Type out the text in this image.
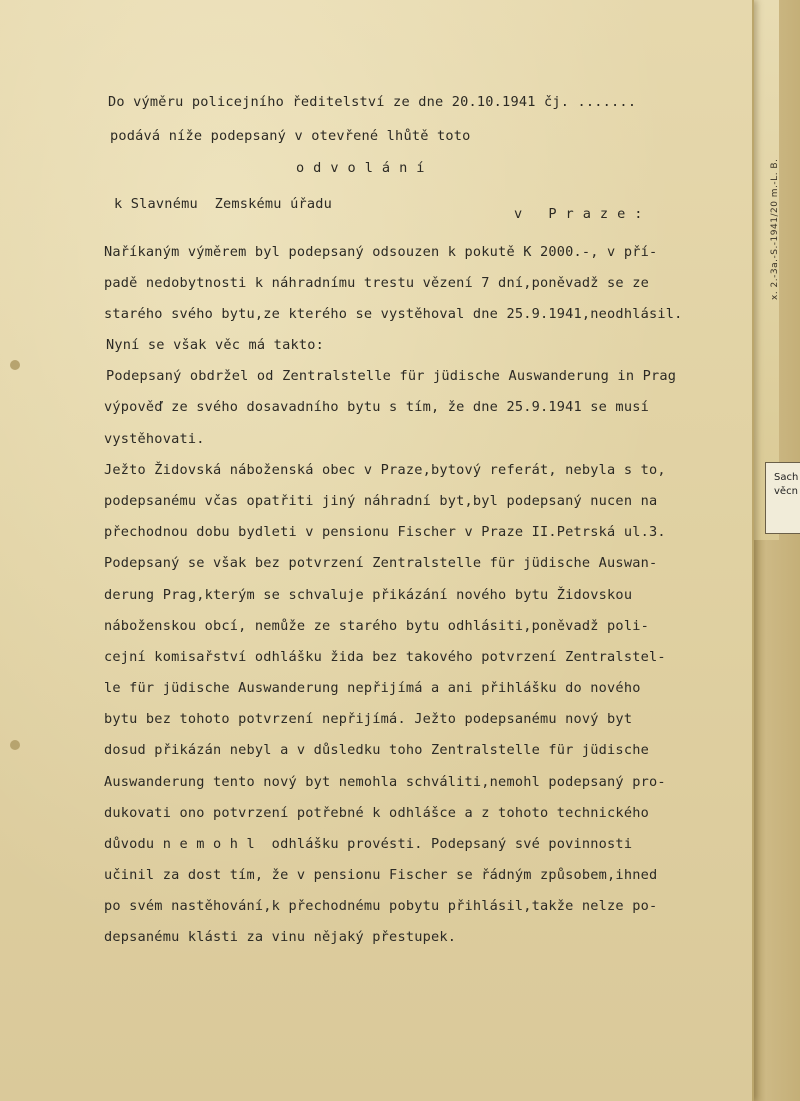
x. 2.-3a.-S.-1941/20 m.-L. B.
Sach
věcn

Do výměru policejního ředitelství ze dne 20.10.1941 čj. .......

podává níže podepsaný v otevřené lhůtě toto

odvolání

k Slavnému  Zemskému úřadu

v Praze:

Naříkaným výměrem byl podepsaný odsouzen k pokutě K 2000.-, v pří-

padě nedobytnosti k náhradnímu trestu vězení 7 dní,poněvadž se ze

starého svého bytu,ze kterého se vystěhoval dne 25.9.1941,neodhlásil.

Nyní se však věc má takto:

Podepsaný obdržel od Zentralstelle für jüdische Auswanderung in Prag

výpověď ze svého dosavadního bytu s tím, že dne 25.9.1941 se musí

vystěhovati.

Ježto Židovská náboženská obec v Praze,bytový referát, nebyla s to,

podepsanému včas opatřiti jiný náhradní byt,byl podepsaný nucen na

přechodnou dobu bydleti v pensionu Fischer v Praze II.Petrská ul.3.

Podepsaný se však bez potvrzení Zentralstelle für jüdische Auswan-

derung Prag,kterým se schvaluje přikázání nového bytu Židovskou

náboženskou obcí, nemůže ze starého bytu odhlásiti,poněvadž poli-

cejní komisařství odhlášku žida bez takového potvrzení Zentralstel-

le für jüdische Auswanderung nepřijímá a ani přihlášku do nového

bytu bez tohoto potvrzení nepřijímá. Ježto podepsanému nový byt

dosud přikázán nebyl a v důsledku toho Zentralstelle für jüdische

Auswanderung tento nový byt nemohla schváliti,nemohl podepsaný pro-

dukovati ono potvrzení potřebné k odhlášce a z tohoto technického

důvodu n e m o h l  odhlášku provésti. Podepsaný své povinnosti

učinil za dost tím, že v pensionu Fischer se řádným způsobem,ihned

po svém nastěhování,k přechodnému pobytu přihlásil,takže nelze po-

depsanému klásti za vinu nějaký přestupek.
